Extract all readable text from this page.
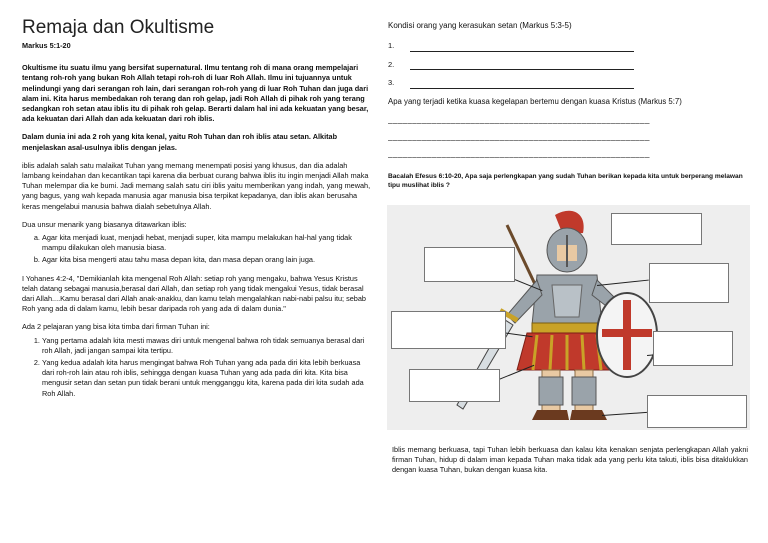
Remaja dan Okultisme
Markus 5:1-20

Okultisme itu suatu ilmu yang bersifat supernatural. Ilmu tentang roh di mana orang mempelajari tentang roh-roh yang bukan Roh Allah tetapi roh-roh di luar Roh Allah. Ilmu ini tujuannya untuk melindungi yang dari serangan roh lain, dari serangan roh-roh yang di luar Roh Tuhan dan juga dari alam ini. Kita harus membedakan roh terang dan roh gelap, jadi Roh Allah di pihak roh yang terang sedangkan roh setan atau iblis itu di pihak roh gelap. Berarti dalam hal ini ada kekuatan yang besar, ada kekuatan dari Allah dan ada kekuatan dari roh iblis.

Dalam dunia ini ada 2 roh yang kita kenal, yaitu Roh Tuhan dan roh iblis atau setan. Alkitab menjelaskan asal-usulnya iblis dengan jelas.

iblis adalah salah satu malaikat Tuhan yang memang menempati posisi yang khusus, dan dia adalah lambang keindahan dan kecantikan tapi karena dia berbuat curang bahwa iblis itu ingin menjadi Allah maka Tuhan melempar dia ke bumi. Jadi memang salah satu ciri iblis yaitu memberikan yang indah, yang mewah, yang bagus, yang wah kepada manusia agar manusia bisa terpikat kepadanya, dan iblis akan berusaha keras mengelabui manusia bahwa dialah sebetulnya Allah.

Dua unsur menarik yang biasanya ditawarkan iblis:

a. Agar kita menjadi kuat, menjadi hebat, menjadi super, kita mampu melakukan hal-hal yang tidak mampu dilakukan oleh manusia biasa.
b. Agar kita bisa mengerti atau tahu masa depan kita, dan masa depan orang lain juga.

I Yohanes 4:2-4, "Demikianlah kita mengenal Roh Allah: setiap roh yang mengaku, bahwa Yesus Kristus telah datang sebagai manusia,berasal dari Allah, dan setiap roh yang tidak mengakui Yesus, tidak berasal dari Allah....Kamu berasal dari Allah anak-anakku, dan kamu telah mengalahkan nabi-nabi palsu itu; sebab Roh yang ada di dalam kamu, lebih besar daripada roh yang ada di dalam dunia."

Ada 2 pelajaran yang bisa kita timba dari firman Tuhan ini:

1. Yang pertama adalah kita mesti mawas diri untuk mengenal bahwa roh tidak semuanya berasal dari roh Allah, jadi jangan sampai kita tertipu.
2. Yang kedua adalah kita harus mengingat bahwa Roh Tuhan yang ada pada diri kita lebih berkuasa dari roh-roh lain atau roh iblis, sehingga dengan kuasa Tuhan yang ada pada diri kita. Kita bisa mengusir setan dan setan pun tidak berani untuk mengganggu kita, karena pada diri kita sudah ada Roh Allah.
Kondisi orang yang kerasukan setan (Markus 5:3-5)
1.
2.
3.
Apa yang terjadi ketika kuasa kegelapan bertemu dengan kuasa Kristus (Markus 5:7)
______________________________________________________
______________________________________________________
______________________________________________________
Bacalah Efesus 6:10-20, Apa saja perlengkapan yang sudah Tuhan berikan kepada kita untuk berperang melawan tipu muslihat iblis ?
Iblis memang berkuasa, tapi Tuhan lebih berkuasa dan kalau kita kenakan senjata perlengkapan Allah yakni firman Tuhan, hidup di dalam iman kepada Tuhan maka tidak ada yang perlu kita takuti, iblis bisa ditaklukkan dengan kuasa Tuhan, bukan dengan kuasa kita.
